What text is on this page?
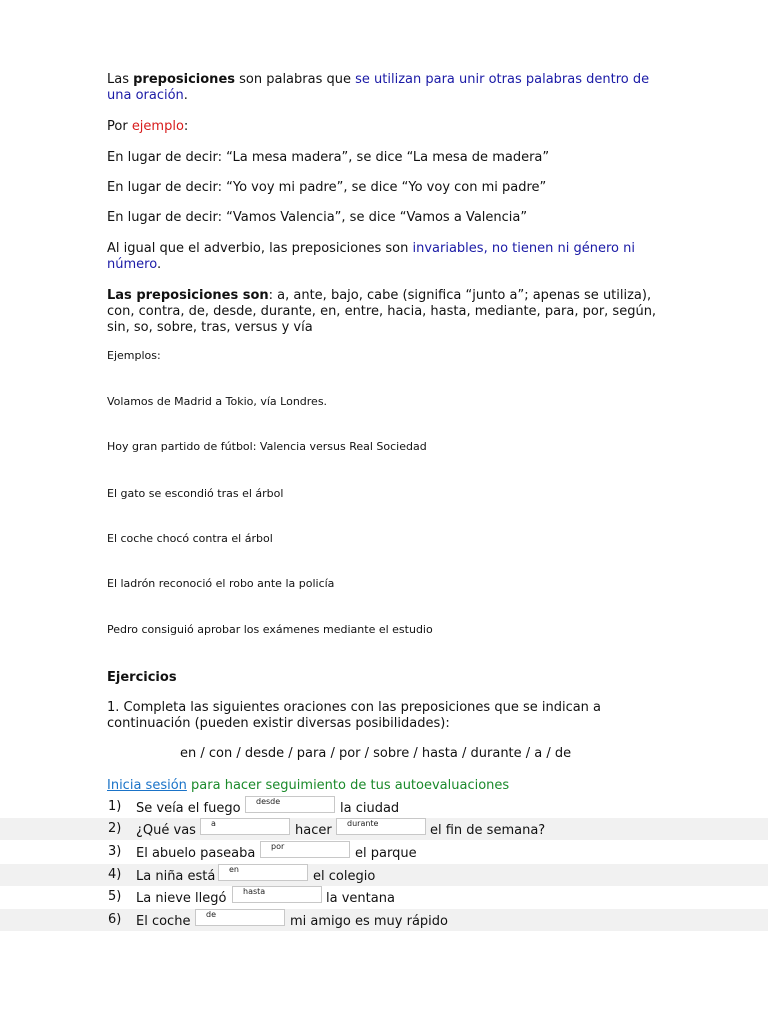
Las preposiciones son palabras que se utilizan para unir otras palabras dentro de una oración.

Por ejemplo:

En lugar de decir: “La mesa madera”, se dice “La mesa de madera”

En lugar de decir: “Yo voy mi padre”, se dice “Yo voy con mi padre”

En lugar de decir: “Vamos Valencia”, se dice “Vamos a Valencia”

Al igual que el adverbio, las preposiciones son invariables, no tienen ni género ni número.

Las preposiciones son: a, ante, bajo, cabe (significa “junto a”; apenas se utiliza), con, contra, de, desde, durante, en, entre, hacia, hasta, mediante, para, por, según, sin, so, sobre, tras, versus y vía

Ejemplos:

Volamos de Madrid a Tokio, vía Londres.

Hoy gran partido de fútbol: Valencia versus Real Sociedad

El gato se escondió tras el árbol

El coche chocó contra el árbol

El ladrón reconoció el robo ante la policía

Pedro consiguió aprobar los exámenes mediante el estudio

Ejercicios

1. Completa las siguientes oraciones con las preposiciones que se indican a continuación (pueden existir diversas posibilidades):

en / con / desde / para / por / sobre / hasta / durante / a / de

Inicia sesión para hacer seguimiento de tus autoevaluaciones

1) Se veía el fuego	desde	la ciudad
2) ¿Qué vas	a	hacer	durante	el fin de semana?
3) El abuelo paseaba	por	el parque
4) La niña está	en	el colegio
5) La nieve llegó	hasta	la ventana
6) El coche	de	mi amigo es muy rápido
